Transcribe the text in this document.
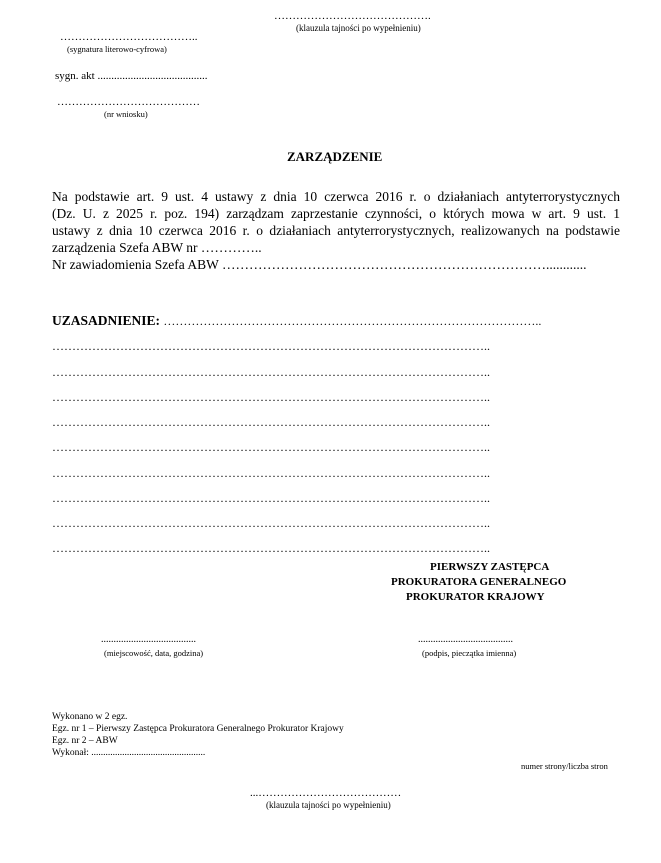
…………………………………….
(klauzula tajności po wypełnieniu)
………………………………..
(sygnatura literowo-cyfrowa)
sygn. akt ........................................
…………………………………
(nr wniosku)
ZARZĄDZENIE
Na podstawie art. 9 ust. 4 ustawy z dnia 10 czerwca 2016 r. o działaniach antyterrorystycznych
(Dz. U. z 2025 r. poz. 194) zarządzam zaprzestanie czynności, o których mowa w art. 9 ust. 1
ustawy z dnia 10 czerwca 2016 r. o działaniach antyterrorystycznych, realizowanych na podstawie
zarządzenia Szefa ABW nr …………..
Nr zawiadomienia Szefa ABW ………………………………………………………………............
UZASADNIENIE: …………………………………………………………………………………..
………………………………………………………………………………………………..
………………………………………………………………………………………………..
………………………………………………………………………………………………..
………………………………………………………………………………………………..
………………………………………………………………………………………………..
………………………………………………………………………………………………..
………………………………………………………………………………………………..
………………………………………………………………………………………………..
………………………………………………………………………………………………..
PIERWSZY ZASTĘPCA
PROKURATORA GENERALNEGO
PROKURATOR KRAJOWY
......................................
(miejscowość, data, godzina)
......................................
(podpis, pieczątka imienna)
Wykonano w 2 egz.
Egz. nr 1 – Pierwszy Zastępca Prokuratora Generalnego Prokurator Krajowy
Egz. nr 2 – ABW
Wykonał: ................................................
numer strony/liczba stron
...…………………………………
(klauzula tajności po wypełnieniu)
